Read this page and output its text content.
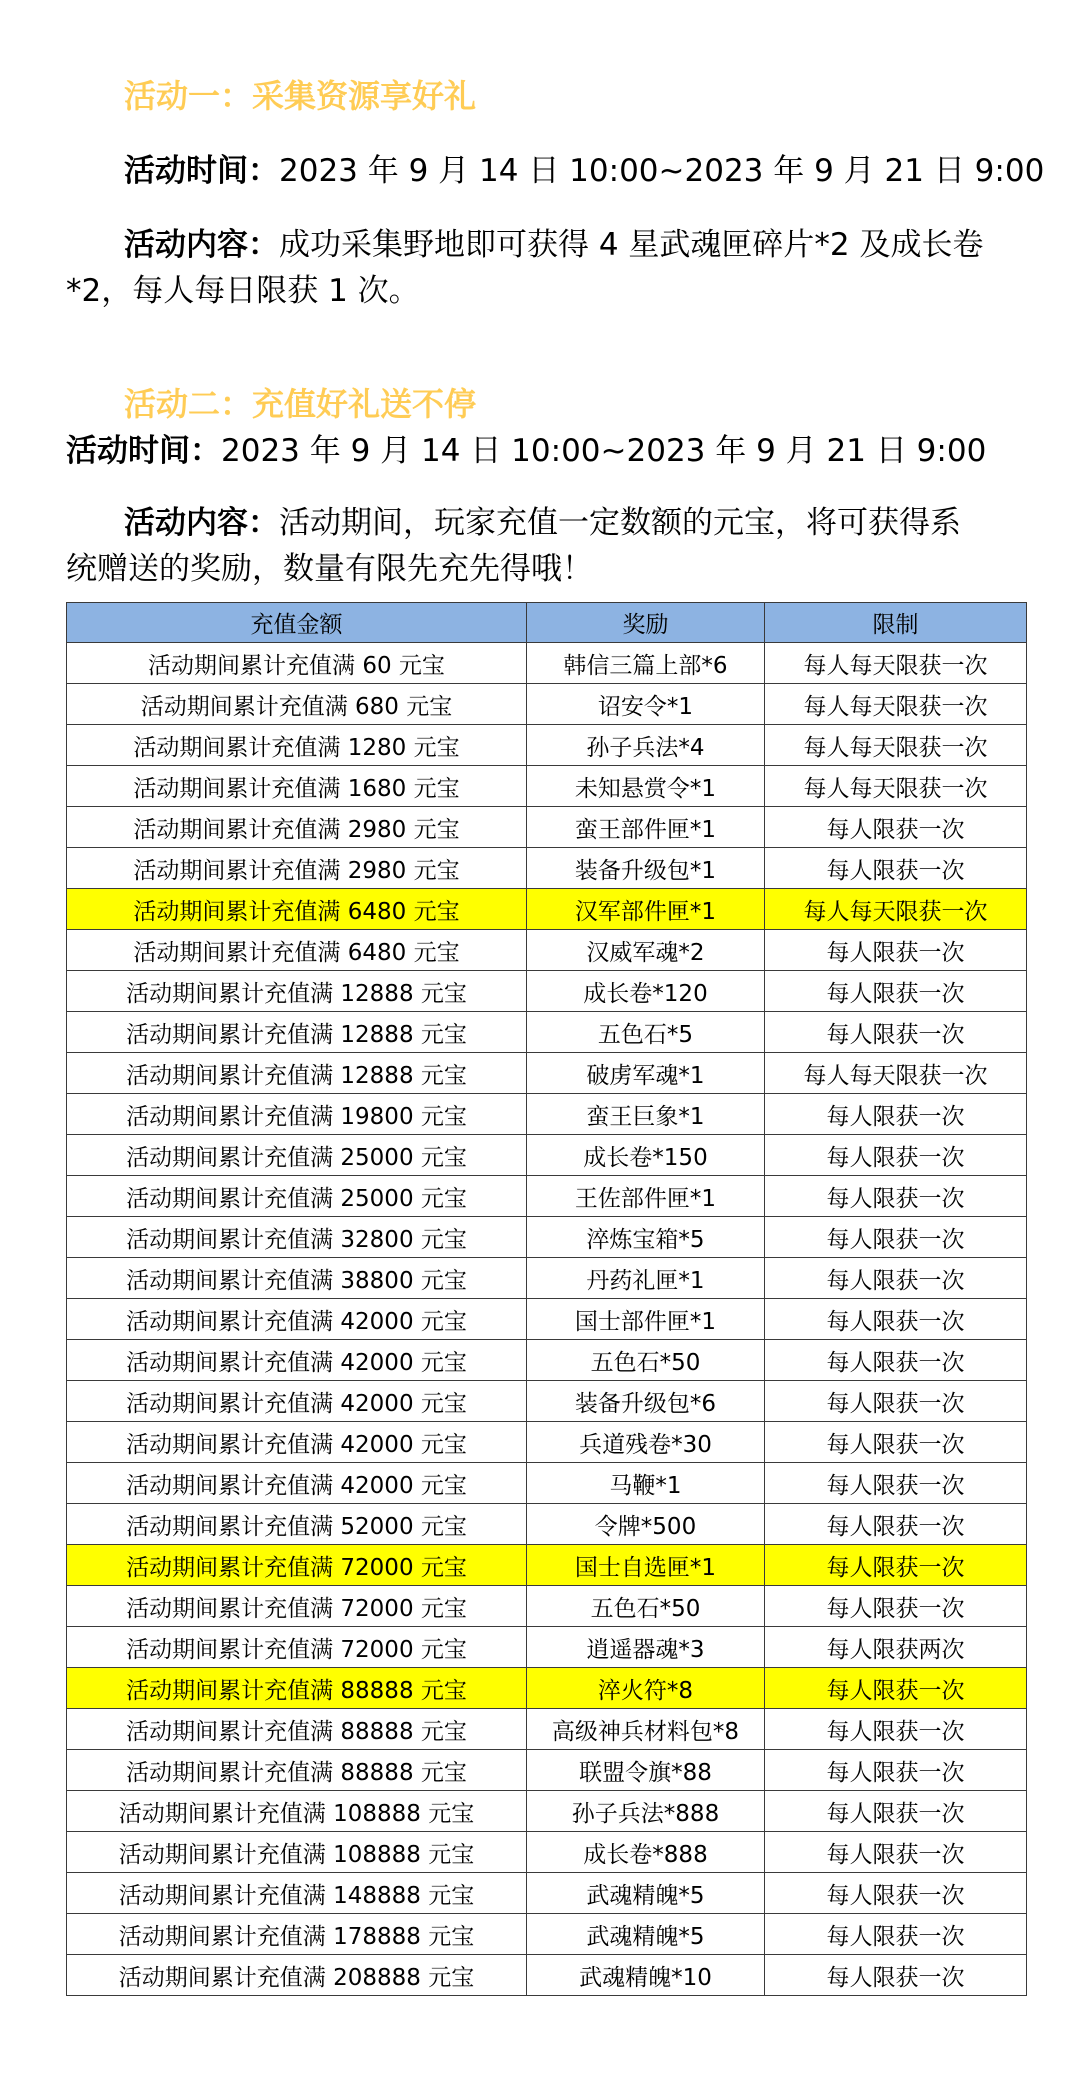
活动一：采集资源享好礼
活动时间：2023 年 9 月 14 日 10:00~2023 年 9 月 21 日 9:00
活动内容：成功采集野地即可获得 4 星武魂匣碎片*2 及成长卷
*2，每人每日限获 1 次。
活动二：充值好礼送不停
活动时间：2023 年 9 月 14 日 10:00~2023 年 9 月 21 日 9:00
活动内容：活动期间，玩家充值一定数额的元宝，将可获得系
统赠送的奖励，数量有限先充先得哦！
充值金额	奖励	限制
活动期间累计充值满 60 元宝	韩信三篇上部*6	每人每天限获一次
活动期间累计充值满 680 元宝	诏安令*1	每人每天限获一次
活动期间累计充值满 1280 元宝	孙子兵法*4	每人每天限获一次
活动期间累计充值满 1680 元宝	未知悬赏令*1	每人每天限获一次
活动期间累计充值满 2980 元宝	蛮王部件匣*1	每人限获一次
活动期间累计充值满 2980 元宝	装备升级包*1	每人限获一次
活动期间累计充值满 6480 元宝	汉军部件匣*1	每人每天限获一次
活动期间累计充值满 6480 元宝	汉威军魂*2	每人限获一次
活动期间累计充值满 12888 元宝	成长卷*120	每人限获一次
活动期间累计充值满 12888 元宝	五色石*5	每人限获一次
活动期间累计充值满 12888 元宝	破虏军魂*1	每人每天限获一次
活动期间累计充值满 19800 元宝	蛮王巨象*1	每人限获一次
活动期间累计充值满 25000 元宝	成长卷*150	每人限获一次
活动期间累计充值满 25000 元宝	王佐部件匣*1	每人限获一次
活动期间累计充值满 32800 元宝	淬炼宝箱*5	每人限获一次
活动期间累计充值满 38800 元宝	丹药礼匣*1	每人限获一次
活动期间累计充值满 42000 元宝	国士部件匣*1	每人限获一次
活动期间累计充值满 42000 元宝	五色石*50	每人限获一次
活动期间累计充值满 42000 元宝	装备升级包*6	每人限获一次
活动期间累计充值满 42000 元宝	兵道残卷*30	每人限获一次
活动期间累计充值满 42000 元宝	马鞭*1	每人限获一次
活动期间累计充值满 52000 元宝	令牌*500	每人限获一次
活动期间累计充值满 72000 元宝	国士自选匣*1	每人限获一次
活动期间累计充值满 72000 元宝	五色石*50	每人限获一次
活动期间累计充值满 72000 元宝	逍遥器魂*3	每人限获两次
活动期间累计充值满 88888 元宝	淬火符*8	每人限获一次
活动期间累计充值满 88888 元宝	高级神兵材料包*8	每人限获一次
活动期间累计充值满 88888 元宝	联盟令旗*88	每人限获一次
活动期间累计充值满 108888 元宝	孙子兵法*888	每人限获一次
活动期间累计充值满 108888 元宝	成长卷*888	每人限获一次
活动期间累计充值满 148888 元宝	武魂精魄*5	每人限获一次
活动期间累计充值满 178888 元宝	武魂精魄*5	每人限获一次
活动期间累计充值满 208888 元宝	武魂精魄*10	每人限获一次
